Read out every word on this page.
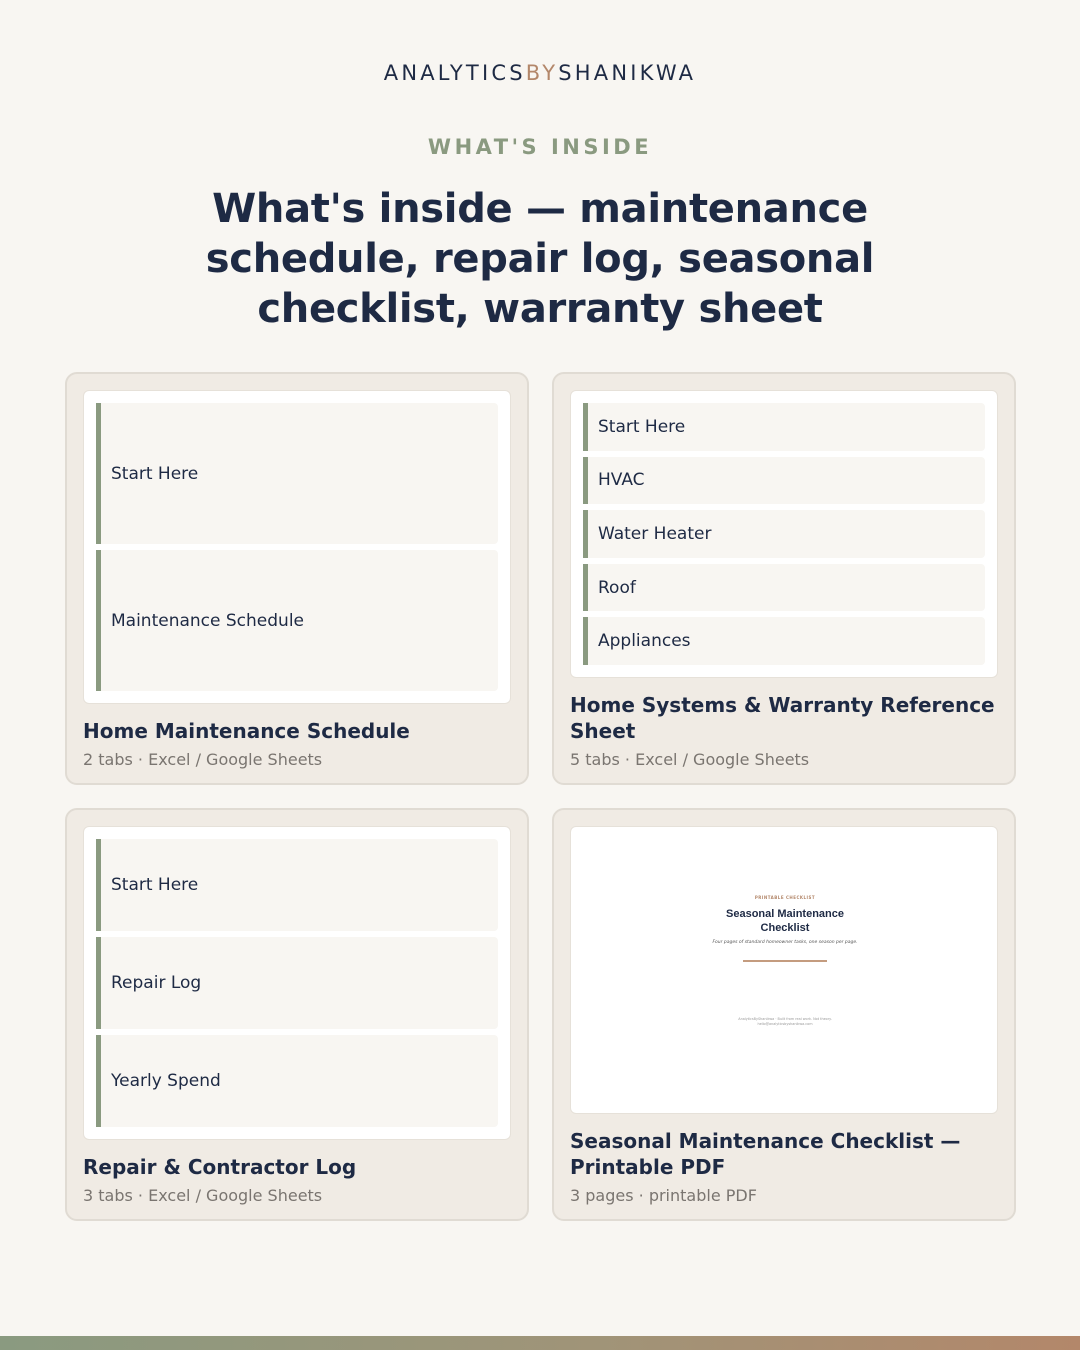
ANALYTICSBYSHANIKWA
WHAT'S INSIDE
What's inside — maintenance schedule, repair log, seasonal checklist, warranty sheet
Start Here
Maintenance Schedule
Home Maintenance Schedule
2 tabs · Excel / Google Sheets
Start Here
HVAC
Water Heater
Roof
Appliances
Home Systems & Warranty Reference Sheet
5 tabs · Excel / Google Sheets
Start Here
Repair Log
Yearly Spend
Repair & Contractor Log
3 tabs · Excel / Google Sheets
PRINTABLE CHECKLIST
Seasonal Maintenance
Checklist
Four pages of standard homeowner tasks, one season per page.
AnalyticsByShanikwa · Built from real work. Not theory.
hello@analyticsbyshanikwa.com
Seasonal Maintenance Checklist — Printable PDF
3 pages · printable PDF
